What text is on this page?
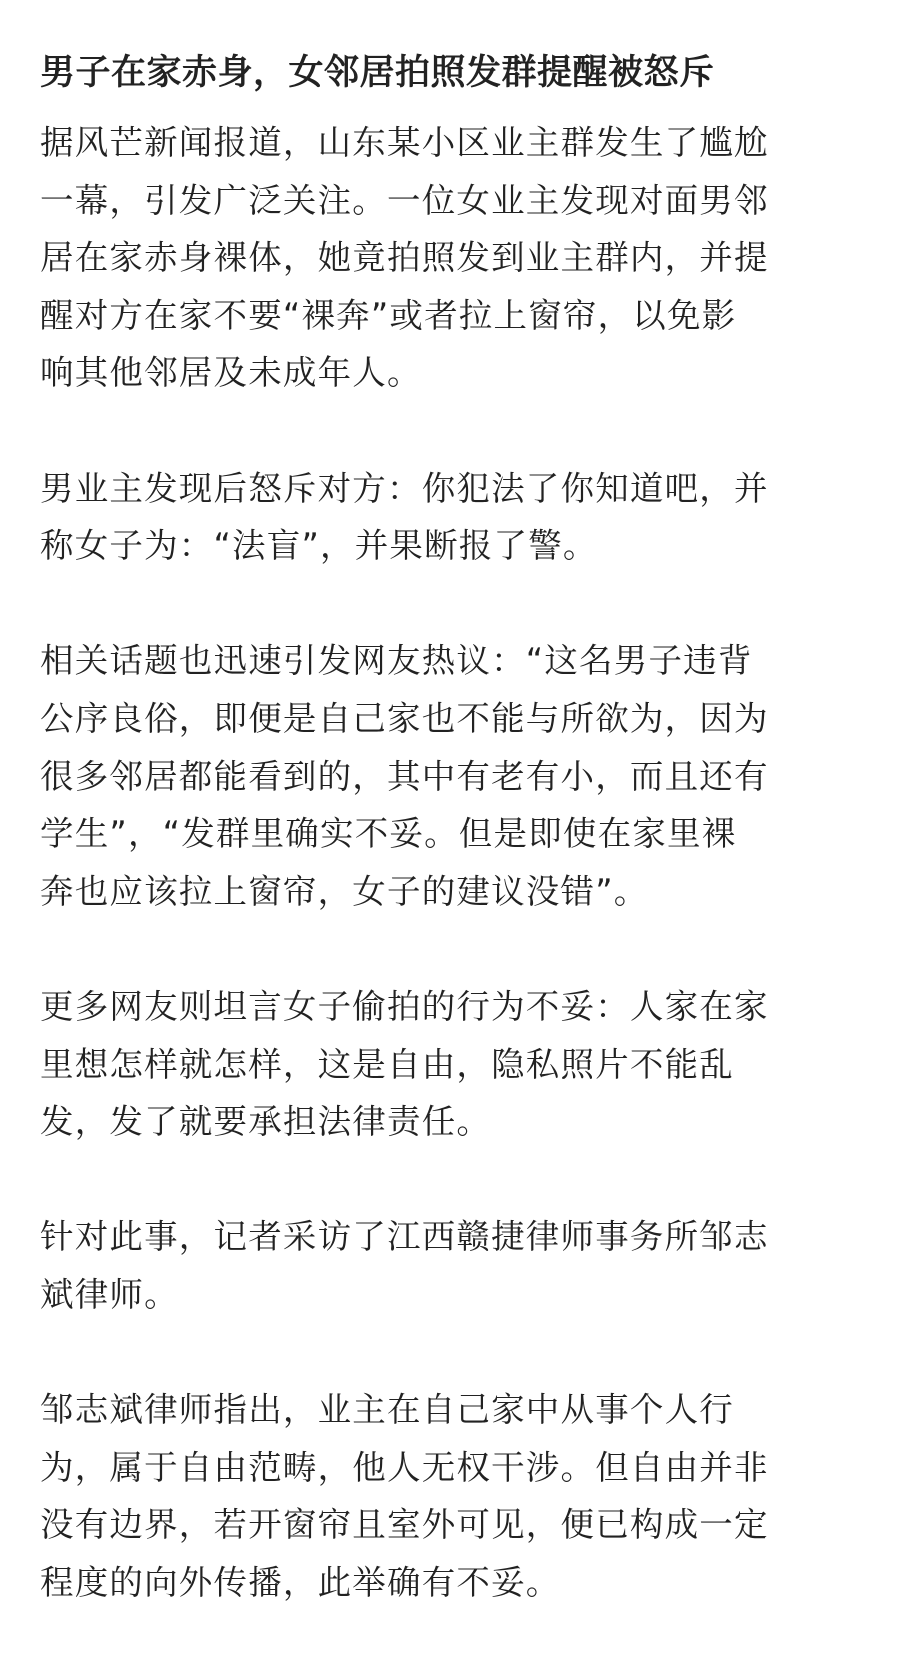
男子在家赤身，女邻居拍照发群提醒被怒斥

据风芒新闻报道，山东某小区业主群发生了尴尬
一幕，引发广泛关注。一位女业主发现对面男邻
居在家赤身裸体，她竟拍照发到业主群内，并提
醒对方在家不要“裸奔”或者拉上窗帘，以免影
响其他邻居及未成年人。

男业主发现后怒斥对方：你犯法了你知道吧，并
称女子为：“法盲”，并果断报了警。

相关话题也迅速引发网友热议：“这名男子违背
公序良俗，即便是自己家也不能与所欲为，因为
很多邻居都能看到的，其中有老有小，而且还有
学生”，“发群里确实不妥。但是即使在家里裸
奔也应该拉上窗帘，女子的建议没错”。

更多网友则坦言女子偷拍的行为不妥：人家在家
里想怎样就怎样，这是自由，隐私照片不能乱
发，发了就要承担法律责任。

针对此事，记者采访了江西赣捷律师事务所邹志
斌律师。

邹志斌律师指出，业主在自己家中从事个人行
为，属于自由范畴，他人无权干涉。但自由并非
没有边界，若开窗帘且室外可见，便已构成一定
程度的向外传播，此举确有不妥。
